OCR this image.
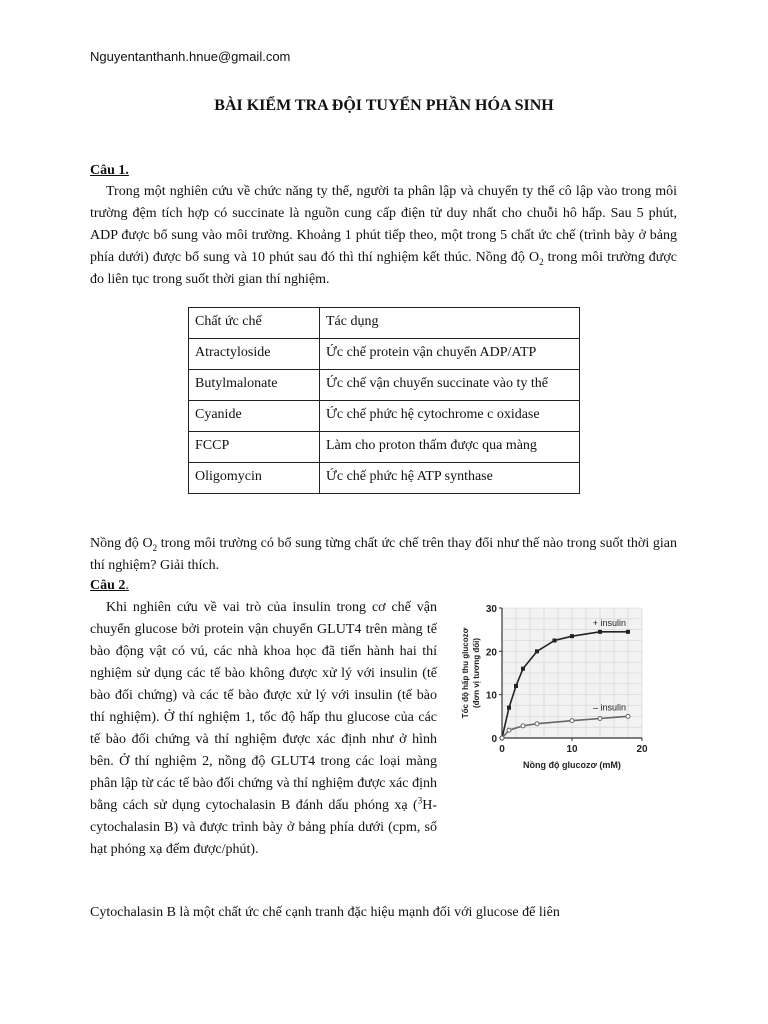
Nguyentanthanh.hnue@gmail.com
BÀI KIỂM TRA ĐỘI TUYỂN PHẦN HÓA SINH
Câu 1.
Trong một nghiên cứu về chức năng ty thể, người ta phân lập và chuyển ty thể cô lập vào trong môi trường đệm tích hợp có succinate là nguồn cung cấp điện tử duy nhất cho chuỗi hô hấp. Sau 5 phút, ADP được bổ sung vào môi trường. Khoảng 1 phút tiếp theo, một trong 5 chất ức chế (trình bày ở bảng phía dưới) được bổ sung và 10 phút sau đó thì thí nghiệm kết thúc. Nồng độ $O_2$ trong môi trường được đo liên tục trong suốt thời gian thí nghiệm.
Chất ức chế	Tác dụng
Atractyloside	Ức chế protein vận chuyển ADP/ATP
Butylmalonate	Ức chế vận chuyển succinate vào ty thể
Cyanide	Ức chế phức hệ cytochrome c oxidase
FCCP	Làm cho proton thấm được qua màng
Oligomycin	Ức chế phức hệ ATP synthase
Nồng độ $O_2$ trong môi trường có bổ sung từng chất ức chế trên thay đổi như thế nào trong suốt thời gian thí nghiệm? Giải thích.
Câu 2.
Khi nghiên cứu về vai trò của insulin trong cơ chế vận chuyển glucose bởi protein vận chuyển GLUT4 trên màng tế bào động vật có vú, các nhà khoa học đã tiến hành hai thí nghiệm sử dụng các tế bào không được xử lý với insulin (tế bào đối chứng) và các tế bào được xử lý với insulin (tế bào thí nghiệm). Ở thí nghiệm 1, tốc độ hấp thu glucose của các tế bào đối chứng và thí nghiệm được xác định như ở hình bên. Ở thí nghiệm 2, nồng độ GLUT4 trong các loại màng phân lập từ các tế bào đối chứng và thí nghiệm được xác định bằng cách sử dụng cytochalasin B đánh dấu phóng xạ ($^3$H-cytochalasin B) và được trình bày ở bảng phía dưới (cpm, số hạt phóng xạ đếm được/phút).
0
10
20
30
0	10	20
Nồng độ glucozơ (mM)
Tốc độ hấp thu glucozơ (đơn vị tương đối)
+ insulin
– insulin
Cytochalasin B là một chất ức chế cạnh tranh đặc hiệu mạnh đối với glucose để liên
